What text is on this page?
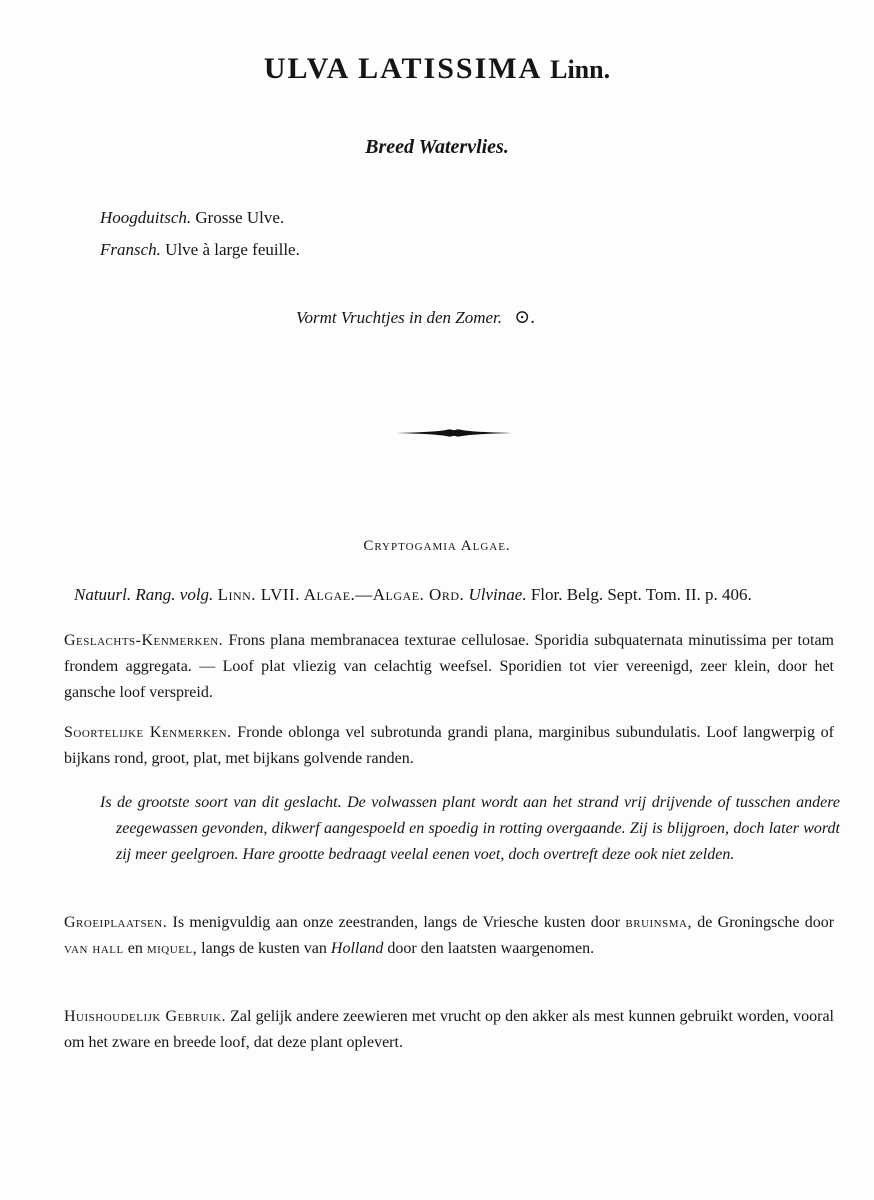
ULVA LATISSIMA Linn.
Breed Watervlies.
Hoogduitsch. Grosse Ulve.
Fransch. Ulve à large feuille.
Vormt Vruchtjes in den Zomer. ⊙.
Cryptogamia Algae.
Natuurl. Rang. volg. Linn. LVII. Algae.—Algae. Ord. Ulvinae. Flor. Belg. Sept. Tom. II. p. 406.
Geslachts-Kenmerken. Frons plana membranacea texturae cellulosae. Sporidia subquaternata minutissima per totam frondem aggregata. — Loof plat vliezig van celachtig weefsel. Sporidien tot vier vereenigd, zeer klein, door het gansche loof verspreid.
Soortelijke Kenmerken. Fronde oblonga vel subrotunda grandi plana, marginibus subundulatis. Loof langwerpig of bijkans rond, groot, plat, met bijkans golvende randen.
Is de grootste soort van dit geslacht. De volwassen plant wordt aan het strand vrij drijvende of tusschen andere zeegewassen gevonden, dikwerf aangespoeld en spoedig in rotting overgaande. Zij is blijgroen, doch later wordt zij meer geelgroen. Hare grootte bedraagt veelal eenen voet, doch overtreft deze ook niet zelden.
Groeiplaatsen. Is menigvuldig aan onze zeestranden, langs de Vriesche kusten door bruinsma, de Groningsche door van hall en miquel, langs de kusten van Holland door den laatsten waargenomen.
Huishoudelijk Gebruik. Zal gelijk andere zeewieren met vrucht op den akker als mest kunnen gebruikt worden, vooral om het zware en breede loof, dat deze plant oplevert.
